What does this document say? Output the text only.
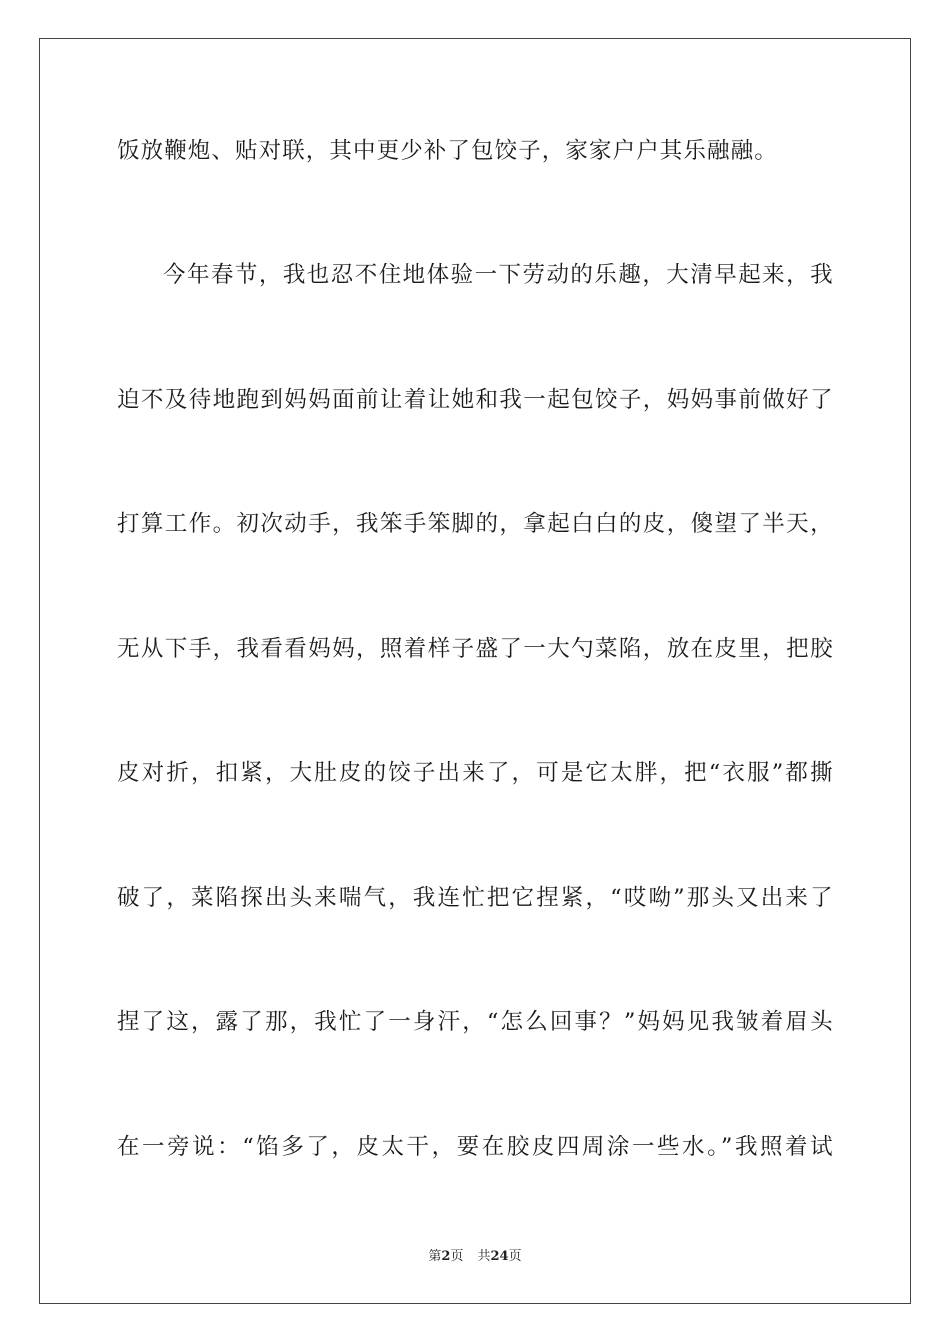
饭放鞭炮、贴对联，其中更少补了包饺子，家家户户其乐融融。
今年春节，我也忍不住地体验一下劳动的乐趣，大清早起来，我
迫不及待地跑到妈妈面前让着让她和我一起包饺子，妈妈事前做好了
打算工作。初次动手，我笨手笨脚的，拿起白白的皮，傻望了半天，
无从下手，我看看妈妈，照着样子盛了一大勺菜陷，放在皮里，把胶
皮对折，扣紧，大肚皮的饺子出来了，可是它太胖，把“衣服”都撕
破了，菜陷探出头来喘气，我连忙把它捏紧，“哎呦”那头又出来了
捏了这，露了那，我忙了一身汗，“怎么回事？”妈妈见我皱着眉头
在一旁说：“馅多了，皮太干，要在胶皮四周涂一些水。”我照着试
第2页 共24页
